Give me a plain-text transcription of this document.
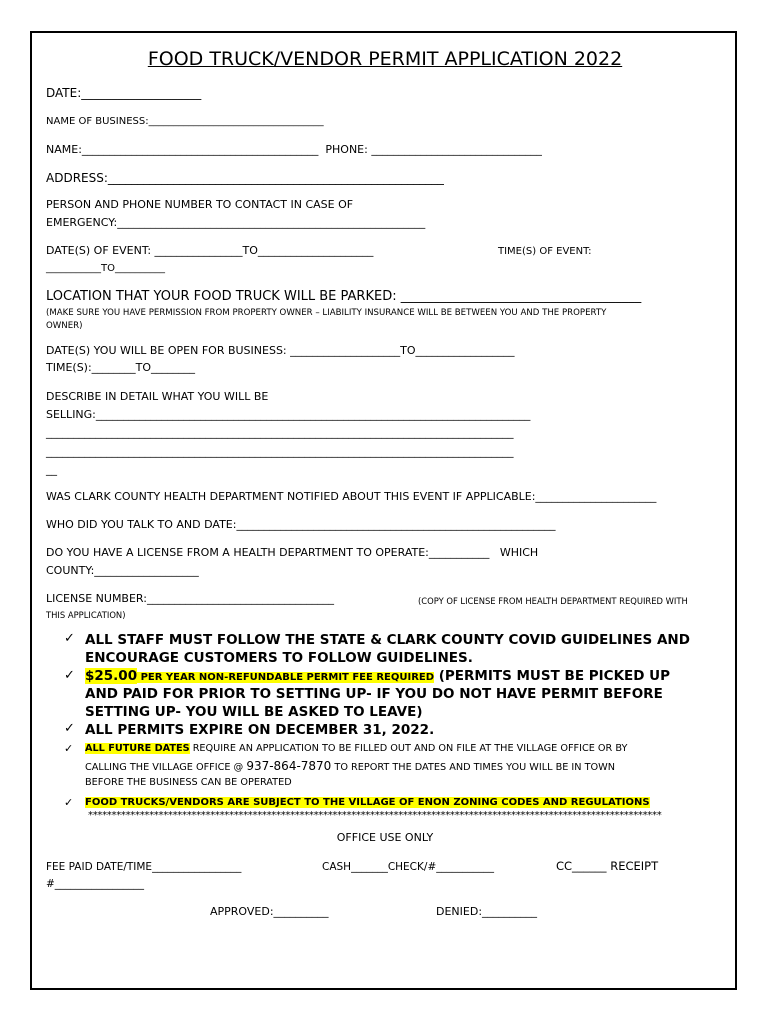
FOOD TRUCK/VENDOR PERMIT APPLICATION 2022
DATE:____________________
NAME OF BUSINESS:___________________________________
NAME:___________________________________________  PHONE: _______________________________
ADDRESS:________________________________________________________
PERSON AND PHONE NUMBER TO CONTACT IN CASE OF
EMERGENCY:________________________________________________________
DATE(S) OF EVENT: ________________TO_____________________	TIME(S) OF EVENT:
___________TO__________
LOCATION THAT YOUR FOOD TRUCK WILL BE PARKED: _____________________________________
(MAKE SURE YOU HAVE PERMISSION FROM PROPERTY OWNER – LIABILITY INSURANCE WILL BE BETWEEN YOU AND THE PROPERTY
OWNER)
DATE(S) YOU WILL BE OPEN FOR BUSINESS: ____________________TO__________________
TIME(S):________TO________
DESCRIBE IN DETAIL WHAT YOU WILL BE
SELLING:_______________________________________________________________________________
_____________________________________________________________________________________
_____________________________________________________________________________________
__
WAS CLARK COUNTY HEALTH DEPARTMENT NOTIFIED ABOUT THIS EVENT IF APPLICABLE:______________________
WHO DID YOU TALK TO AND DATE:__________________________________________________________
DO YOU HAVE A LICENSE FROM A HEALTH DEPARTMENT TO OPERATE:___________   WHICH
COUNTY:___________________
LICENSE NUMBER:__________________________________	(COPY OF LICENSE FROM HEALTH DEPARTMENT REQUIRED WITH
THIS APPLICATION)
✓ ALL STAFF MUST FOLLOW THE STATE & CLARK COUNTY COVID GUIDELINES AND
ENCOURAGE CUSTOMERS TO FOLLOW GUIDELINES.
✓ $25.00 PER YEAR NON-REFUNDABLE PERMIT FEE REQUIRED (PERMITS MUST BE PICKED UP
AND PAID FOR PRIOR TO SETTING UP- IF YOU DO NOT HAVE PERMIT BEFORE
SETTING UP- YOU WILL BE ASKED TO LEAVE)
✓ ALL PERMITS EXPIRE ON DECEMBER 31, 2022.
✓ ALL FUTURE DATES REQUIRE AN APPLICATION TO BE FILLED OUT AND ON FILE AT THE VILLAGE OFFICE OR BY
CALLING THE VILLAGE OFFICE @ 937-864-7870 TO REPORT THE DATES AND TIMES YOU WILL BE IN TOWN
BEFORE THE BUSINESS CAN BE OPERATED
✓ FOOD TRUCKS/VENDORS ARE SUBJECT TO THE VILLAGE OF ENON ZONING CODES AND REGULATIONS
**************************************************************************************************************************
OFFICE USE ONLY
FEE PAID DATE/TIME_________________	CASH_______CHECK/#___________	CC______ RECEIPT
#_________________
APPROVED:__________	DENIED:__________
